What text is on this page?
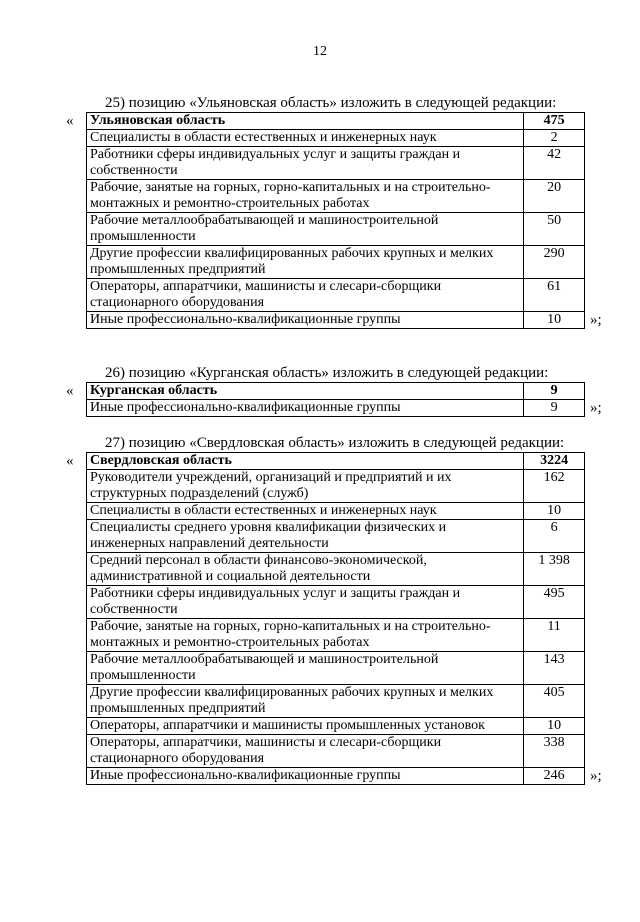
12

25) позицию «Ульяновская область» изложить в следующей редакции:

« Ульяновская область	475
Специалисты в области естественных и инженерных наук	2
Работники сферы индивидуальных услуг и защиты граждан и собственности	42
Рабочие, занятые на горных, горно-капитальных и на строительно-монтажных и ремонтно-строительных работах	20
Рабочие металлообрабатывающей и машиностроительной промышленности	50
Другие профессии квалифицированных рабочих крупных и мелких промышленных предприятий	290
Операторы, аппаратчики, машинисты и слесари-сборщики стационарного оборудования	61
Иные профессионально-квалификационные группы	10 »;

26) позицию «Курганская область» изложить в следующей редакции:

« Курганская область	9
Иные профессионально-квалификационные группы	9 »;

27) позицию «Свердловская область» изложить в следующей редакции:

« Свердловская область	3224
Руководители учреждений, организаций и предприятий и их структурных подразделений (служб)	162
Специалисты в области естественных и инженерных наук	10
Специалисты среднего уровня квалификации физических и инженерных направлений деятельности	6
Средний персонал в области финансово-экономической, административной и социальной деятельности	1 398
Работники сферы индивидуальных услуг и защиты граждан и собственности	495
Рабочие, занятые на горных, горно-капитальных и на строительно-монтажных и ремонтно-строительных работах	11
Рабочие металлообрабатывающей и машиностроительной промышленности	143
Другие профессии квалифицированных рабочих крупных и мелких промышленных предприятий	405
Операторы, аппаратчики и машинисты промышленных установок	10
Операторы, аппаратчики, машинисты и слесари-сборщики стационарного оборудования	338
Иные профессионально-квалификационные группы	246 »;
